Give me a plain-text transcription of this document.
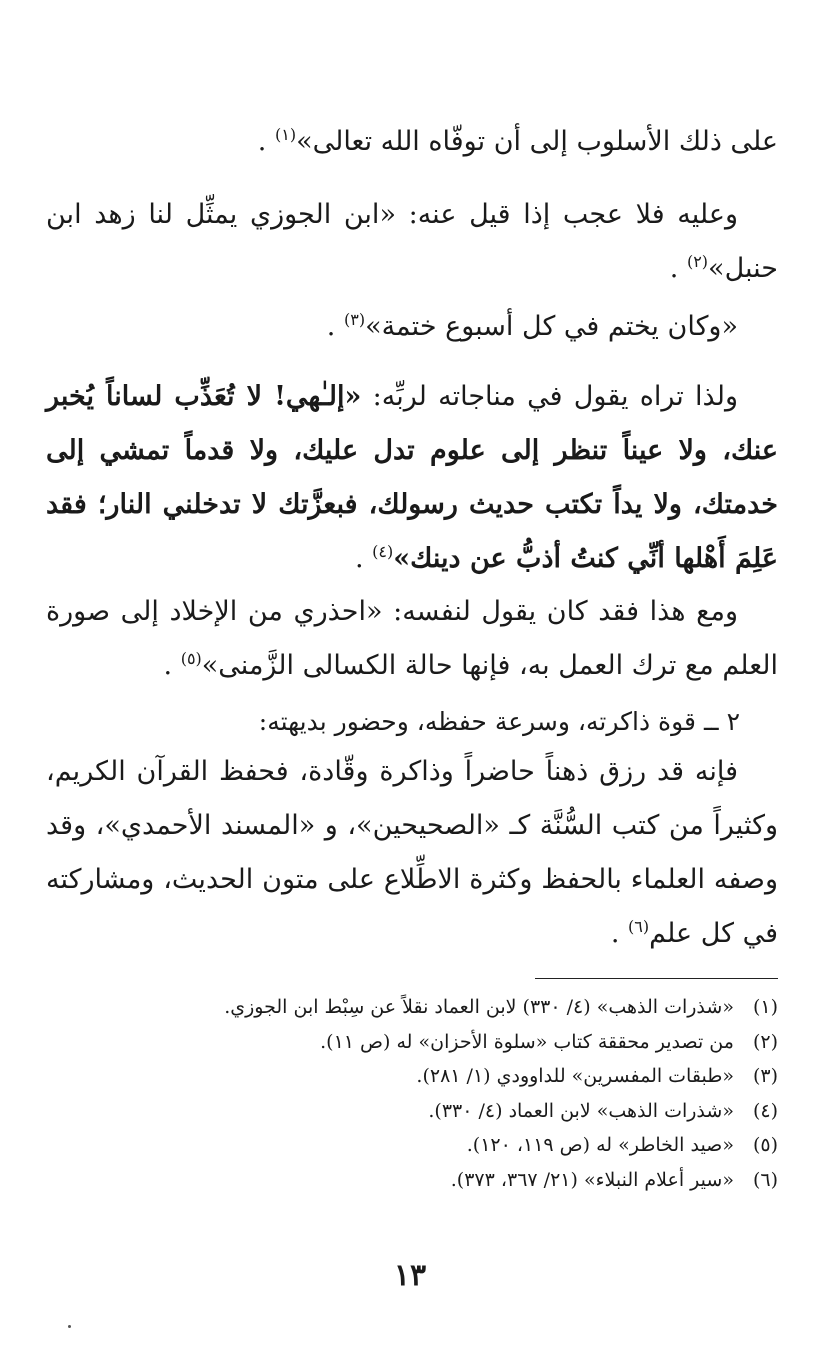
على ذلك الأسلوب إلى أن توفّاه الله تعالى»$^{(١)}$ .

وعليه فلا عجب إذا قيل عنه: «ابن الجوزي يمثِّل لنا زهد ابن حنبل»$^{(٢)}$ .

«وكان يختم في كل أسبوع ختمة»$^{(٣)}$ .

ولذا تراه يقول في مناجاته لربِّه: «إلـٰهي! لا تُعَذِّب لساناً يُخبر عنك، ولا عيناً تنظر إلى علوم تدل عليك، ولا قدماً تمشي إلى خدمتك، ولا يداً تكتب حديث رسولك، فبعزَّتك لا تدخلني النار؛ فقد عَلِمَ أَهْلها أنِّي كنتُ أذبُّ عن دينك»$^{(٤)}$ .

ومع هذا فقد كان يقول لنفسه: «احذري من الإخلاد إلى صورة العلم مع ترك العمل به، فإنها حالة الكسالى الزَّمنى»$^{(٥)}$ .

٢ ــ قوة ذاكرته، وسرعة حفظه، وحضور بديهته:

فإنه قد رزق ذهناً حاضراً وذاكرة وقّادة، فحفظ القرآن الكريم، وكثيراً من كتب السُّنَّة كـ «الصحيحين»، و «المسند الأحمدي»، وقد وصفه العلماء بالحفظ وكثرة الاطِّلاع على متون الحديث، ومشاركته في كل علم$^{(٦)}$ .

(١) «شذرات الذهب» (٤/ ٣٣٠) لابن العماد نقلاً عن سِبْط ابن الجوزي.
(٢) من تصدير محققة كتاب «سلوة الأحزان» له (ص ١١).
(٣) «طبقات المفسرين» للداوودي (١/ ٢٨١).
(٤) «شذرات الذهب» لابن العماد (٤/ ٣٣٠).
(٥) «صيد الخاطر» له (ص ١١٩، ١٢٠).
(٦) «سير أعلام النبلاء» (٢١/ ٣٦٧، ٣٧٣).
١٣
